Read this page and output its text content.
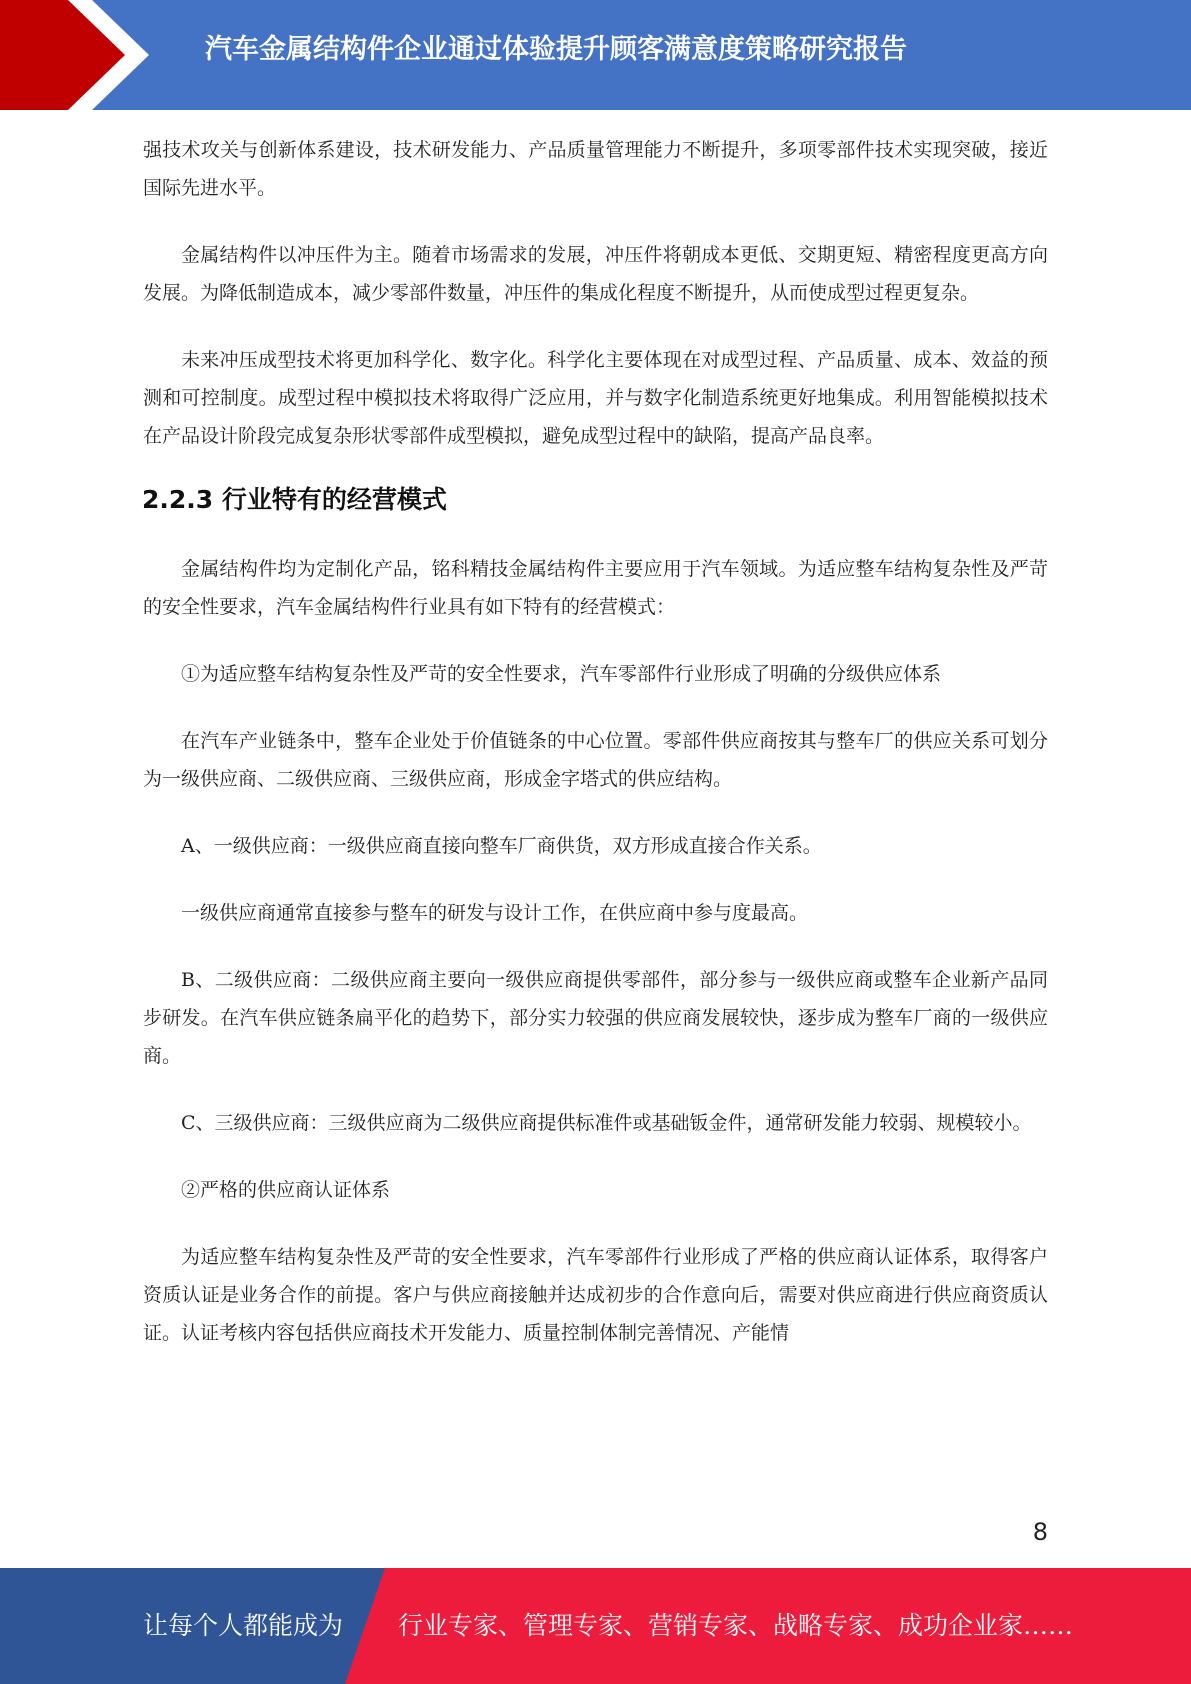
汽车金属结构件企业通过体验提升顾客满意度策略研究报告

强技术攻关与创新体系建设，技术研发能力、产品质量管理能力不断提升，多项零部件技术实现突破，接近国际先进水平。

金属结构件以冲压件为主。随着市场需求的发展，冲压件将朝成本更低、交期更短、精密程度更高方向发展。为降低制造成本，减少零部件数量，冲压件的集成化程度不断提升，从而使成型过程更复杂。

未来冲压成型技术将更加科学化、数字化。科学化主要体现在对成型过程、产品质量、成本、效益的预测和可控制度。成型过程中模拟技术将取得广泛应用，并与数字化制造系统更好地集成。利用智能模拟技术在产品设计阶段完成复杂形状零部件成型模拟，避免成型过程中的缺陷，提高产品良率。

2.2.3 行业特有的经营模式

金属结构件均为定制化产品，铭科精技金属结构件主要应用于汽车领域。为适应整车结构复杂性及严苛的安全性要求，汽车金属结构件行业具有如下特有的经营模式：

①为适应整车结构复杂性及严苛的安全性要求，汽车零部件行业形成了明确的分级供应体系

在汽车产业链条中，整车企业处于价值链条的中心位置。零部件供应商按其与整车厂的供应关系可划分为一级供应商、二级供应商、三级供应商，形成金字塔式的供应结构。

A、一级供应商：一级供应商直接向整车厂商供货，双方形成直接合作关系。

一级供应商通常直接参与整车的研发与设计工作，在供应商中参与度最高。

B、二级供应商：二级供应商主要向一级供应商提供零部件，部分参与一级供应商或整车企业新产品同步研发。在汽车供应链条扁平化的趋势下，部分实力较强的供应商发展较快，逐步成为整车厂商的一级供应商。

C、三级供应商：三级供应商为二级供应商提供标准件或基础钣金件，通常研发能力较弱、规模较小。

②严格的供应商认证体系

为适应整车结构复杂性及严苛的安全性要求，汽车零部件行业形成了严格的供应商认证体系，取得客户资质认证是业务合作的前提。客户与供应商接触并达成初步的合作意向后，需要对供应商进行供应商资质认证。认证考核内容包括供应商技术开发能力、质量控制体制完善情况、产能情

8
让每个人都能成为 行业专家、管理专家、营销专家、战略专家、成功企业家……
